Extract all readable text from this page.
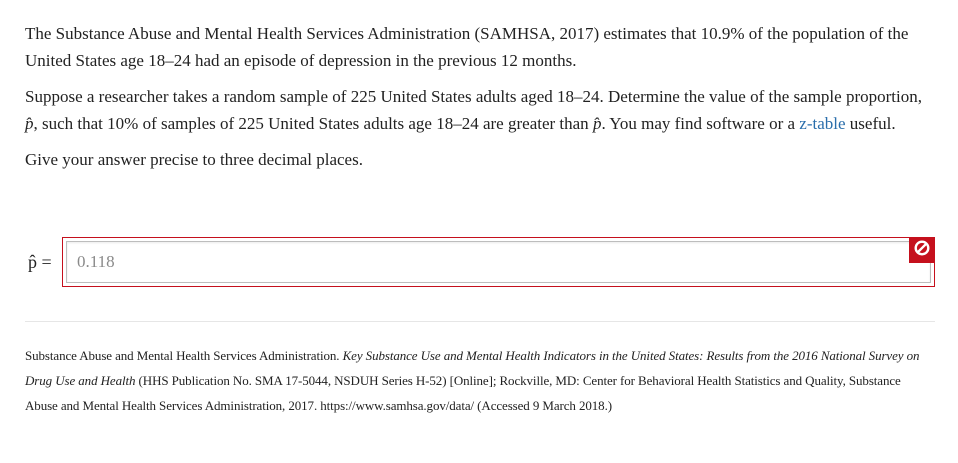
The Substance Abuse and Mental Health Services Administration (SAMHSA, 2017) estimates that 10.9% of the population of the United States age 18–24 had an episode of depression in the previous 12 months.

Suppose a researcher takes a random sample of 225 United States adults aged 18–24. Determine the value of the sample proportion, p̂, such that 10% of samples of 225 United States adults age 18–24 are greater than p̂. You may find software or a z-table useful.

Give your answer precise to three decimal places.

p̂ =
0.118

Substance Abuse and Mental Health Services Administration. Key Substance Use and Mental Health Indicators in the United States: Results from the 2016 National Survey on Drug Use and Health (HHS Publication No. SMA 17-5044, NSDUH Series H-52) [Online]; Rockville, MD: Center for Behavioral Health Statistics and Quality, Substance Abuse and Mental Health Services Administration, 2017. https://www.samhsa.gov/data/ (Accessed 9 March 2018.)
